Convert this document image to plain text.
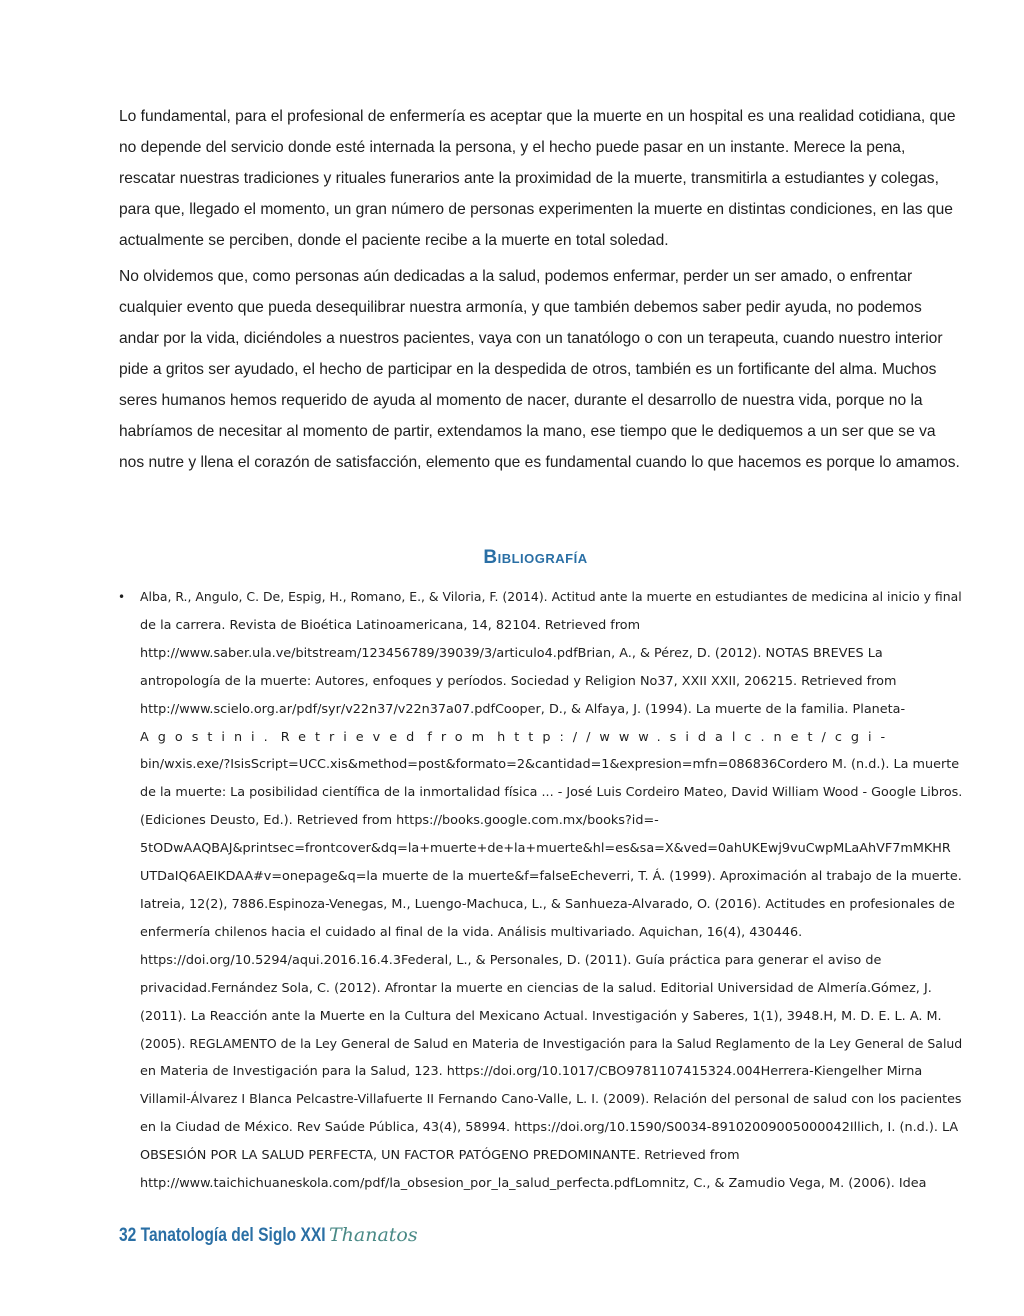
Lo fundamental, para el profesional de enfermería es aceptar que la muerte en un hospital es una realidad cotidiana, que no depende del servicio donde esté internada la persona, y el hecho puede pasar en un instante. Merece la pena, rescatar nuestras tradiciones y rituales funerarios ante la proximidad de la muerte, transmitirla a estudiantes y colegas, para que, llegado el momento, un gran número de personas experimenten la muerte en distintas condiciones, en las que actualmente se perciben, donde el paciente recibe a la muerte en total soledad.

No olvidemos que, como personas aún dedicadas a la salud, podemos enfermar, perder un ser amado, o enfrentar cualquier evento que pueda desequilibrar nuestra armonía, y que también debemos saber pedir ayuda, no podemos andar por la vida, diciéndoles a nuestros pacientes, vaya con un tanatólogo o con un terapeuta, cuando nuestro interior pide a gritos ser ayudado, el hecho de participar en la despedida de otros, también es un fortificante del alma. Muchos seres humanos hemos requerido de ayuda al momento de nacer, durante el desarrollo de nuestra vida, porque no la habríamos de necesitar al momento de partir, extendamos la mano, ese tiempo que le dediquemos a un ser que se va nos nutre y llena el corazón de satisfacción, elemento que es fundamental cuando lo que hacemos es porque lo amamos.

Bibliografía
• Alba, R., Angulo, C. De, Espig, H., Romano, E., & Viloria, F. (2014). Actitud ante la muerte en estudiantes de medicina al inicio y final
de la carrera. Revista de Bioética Latinoamericana, 14, 82104. Retrieved from
http://www.saber.ula.ve/bitstream/123456789/39039/3/articulo4.pdfBrian, A., & Pérez, D. (2012). NOTAS BREVES La
antropología de la muerte: Autores, enfoques y períodos. Sociedad y Religion No37, XXII XXII, 206215. Retrieved from
http://www.scielo.org.ar/pdf/syr/v22n37/v22n37a07.pdfCooper, D., & Alfaya, J. (1994). La muerte de la familia. Planeta-
Agostini. Retrieved from http://www.sidalc.net/cgi-
bin/wxis.exe/?IsisScript=UCC.xis&method=post&formato=2&cantidad=1&expresion=mfn=086836Cordero M. (n.d.). La muerte
de la muerte: La posibilidad científica de la inmortalidad física ... - José Luis Cordeiro Mateo, David William Wood - Google Libros.
(Ediciones Deusto, Ed.). Retrieved from https://books.google.com.mx/books?id=-
5tODwAAQBAJ&printsec=frontcover&dq=la+muerte+de+la+muerte&hl=es&sa=X&ved=0ahUKEwj9vuCwpMLaAhVF7mMKHR
UTDaIQ6AEIKDAA#v=onepage&q=la muerte de la muerte&f=falseEcheverri, T. Á. (1999). Aproximación al trabajo de la muerte.
Iatreia, 12(2), 7886.Espinoza-Venegas, M., Luengo-Machuca, L., & Sanhueza-Alvarado, O. (2016). Actitudes en profesionales de
enfermería chilenos hacia el cuidado al final de la vida. Análisis multivariado. Aquichan, 16(4), 430446.
https://doi.org/10.5294/aqui.2016.16.4.3Federal, L., & Personales, D. (2011). Guía práctica para generar el aviso de
privacidad.Fernández Sola, C. (2012). Afrontar la muerte en ciencias de la salud. Editorial Universidad de Almería.Gómez, J.
(2011). La Reacción ante la Muerte en la Cultura del Mexicano Actual. Investigación y Saberes, 1(1), 3948.H, M. D. E. L. A. M.
(2005). REGLAMENTO de la Ley General de Salud en Materia de Investigación para la Salud Reglamento de la Ley General de Salud
en Materia de Investigación para la Salud, 123. https://doi.org/10.1017/CBO9781107415324.004Herrera-Kiengelher Mirna
Villamil-Álvarez I Blanca Pelcastre-Villafuerte II Fernando Cano-Valle, L. I. (2009). Relación del personal de salud con los pacientes
en la Ciudad de México. Rev Saúde Pública, 43(4), 58994. https://doi.org/10.1590/S0034-89102009005000042Illich, I. (n.d.). LA
OBSESIÓN POR LA SALUD PERFECTA, UN FACTOR PATÓGENO PREDOMINANTE. Retrieved from
http://www.taichichuaneskola.com/pdf/la_obsesion_por_la_salud_perfecta.pdfLomnitz, C., & Zamudio Vega, M. (2006). Idea
32 Tanatología del Siglo XXI Thanatos
